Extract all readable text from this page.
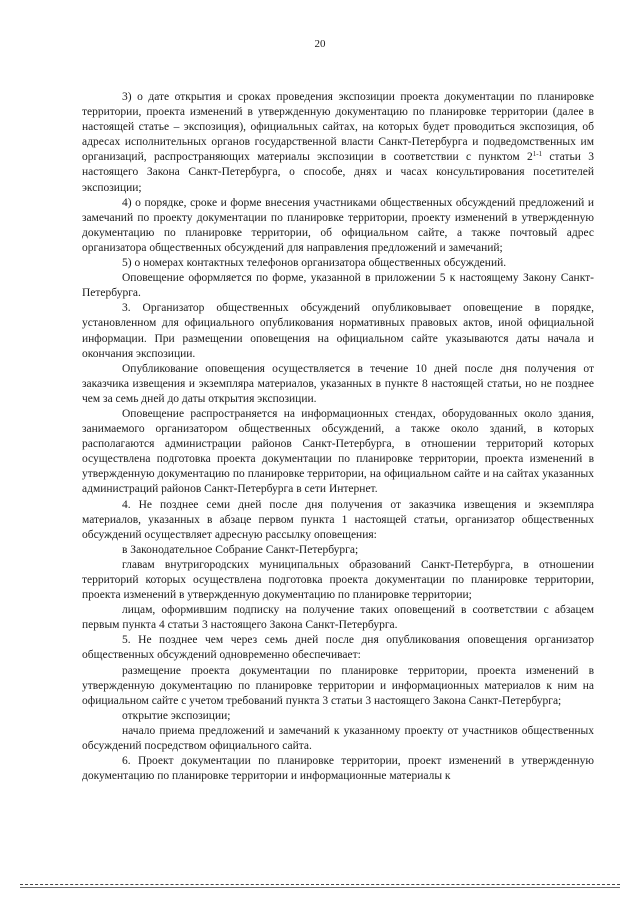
20

3) о дате открытия и сроках проведения экспозиции проекта документации по планировке территории, проекта изменений в утвержденную документацию по планировке территории (далее в настоящей статье – экспозиция), официальных сайтах, на которых будет проводиться экспозиция, об адресах исполнительных органов государственной власти Санкт-Петербурга и подведомственных им организаций, распространяющих материалы экспозиции в соответствии с пунктом 2$^{1-1}$ статьи 3 настоящего Закона Санкт-Петербурга, о способе, днях и часах консультирования посетителей экспозиции;

4) о порядке, сроке и форме внесения участниками общественных обсуждений предложений и замечаний по проекту документации по планировке территории, проекту изменений в утвержденную документацию по планировке территории, об официальном сайте, а также почтовый адрес организатора общественных обсуждений для направления предложений и замечаний;

5) о номерах контактных телефонов организатора общественных обсуждений.

Оповещение оформляется по форме, указанной в приложении 5 к настоящему Закону Санкт-Петербурга.

3. Организатор общественных обсуждений опубликовывает оповещение в порядке, установленном для официального опубликования нормативных правовых актов, иной официальной информации. При размещении оповещения на официальном сайте указываются даты начала и окончания экспозиции.

Опубликование оповещения осуществляется в течение 10 дней после дня получения от заказчика извещения и экземпляра материалов, указанных в пункте 8 настоящей статьи, но не позднее чем за семь дней до даты открытия экспозиции.

Оповещение распространяется на информационных стендах, оборудованных около здания, занимаемого организатором общественных обсуждений, а также около зданий, в которых располагаются администрации районов Санкт-Петербурга, в отношении территорий которых осуществлена подготовка проекта документации по планировке территории, проекта изменений в утвержденную документацию по планировке территории, на официальном сайте и на сайтах указанных администраций районов Санкт-Петербурга в сети Интернет.

4. Не позднее семи дней после дня получения от заказчика извещения и экземпляра материалов, указанных в абзаце первом пункта 1 настоящей статьи, организатор общественных обсуждений осуществляет адресную рассылку оповещения:

в Законодательное Собрание Санкт-Петербурга;

главам внутригородских муниципальных образований Санкт-Петербурга, в отношении территорий которых осуществлена подготовка проекта документации по планировке территории, проекта изменений в утвержденную документацию по планировке территории;

лицам, оформившим подписку на получение таких оповещений в соответствии с абзацем первым пункта 4 статьи 3 настоящего Закона Санкт-Петербурга.

5. Не позднее чем через семь дней после дня опубликования оповещения организатор общественных обсуждений одновременно обеспечивает:

размещение проекта документации по планировке территории, проекта изменений в утвержденную документацию по планировке территории и информационных материалов к ним на официальном сайте с учетом требований пункта 3 статьи 3 настоящего Закона Санкт-Петербурга;

открытие экспозиции;

начало приема предложений и замечаний к указанному проекту от участников общественных обсуждений посредством официального сайта.

6. Проект документации по планировке территории, проект изменений в утвержденную документацию по планировке территории и информационные материалы к
